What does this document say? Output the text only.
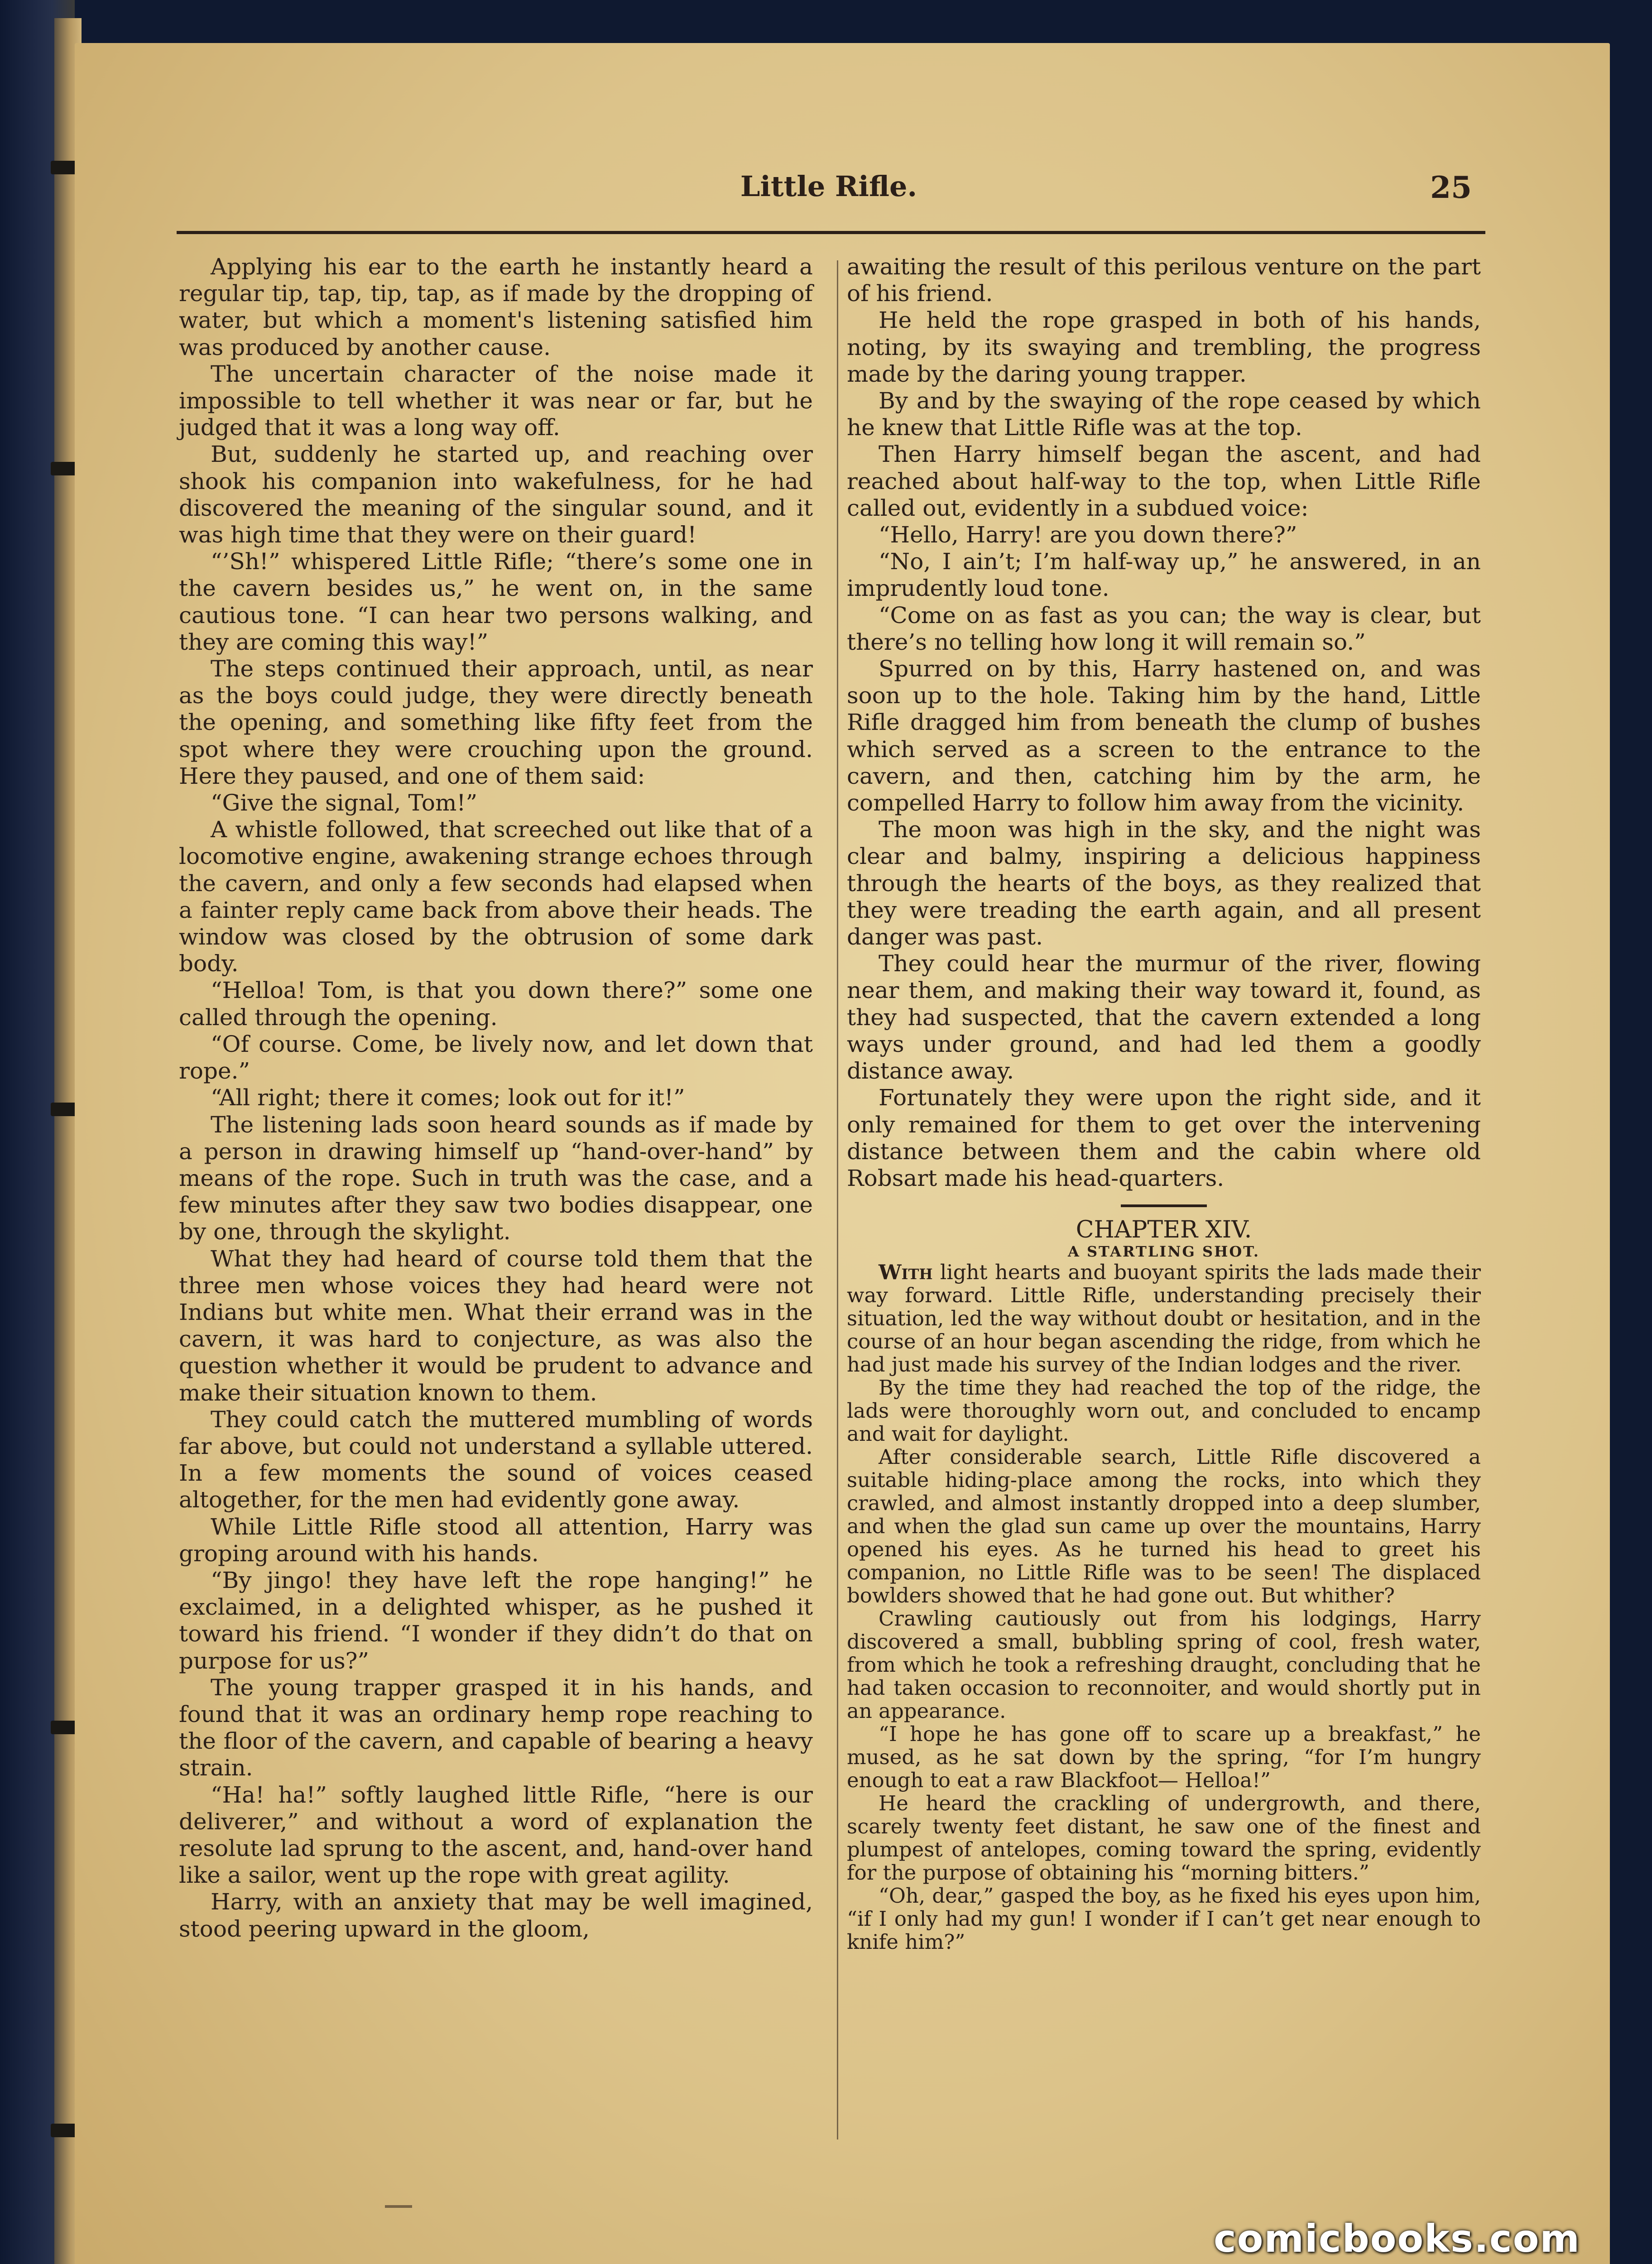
Little Rifle.	25

Applying his ear to the earth he instantly heard a regular tip, tap, tip, tap, as if made by the dropping of water, but which a moment's listening satisfied him was produced by another cause.

The uncertain character of the noise made it impossible to tell whether it was near or far, but he judged that it was a long way off.

But, suddenly he started up, and reaching over shook his companion into wakefulness, for he had discovered the meaning of the singular sound, and it was high time that they were on their guard!

“’Sh!” whispered Little Rifle; “there’s some one in the cavern besides us,” he went on, in the same cautious tone. “I can hear two persons walking, and they are coming this way!”

The steps continued their approach, until, as near as the boys could judge, they were directly beneath the opening, and something like fifty feet from the spot where they were crouching upon the ground. Here they paused, and one of them said:

“Give the signal, Tom!”

A whistle followed, that screeched out like that of a locomotive engine, awakening strange echoes through the cavern, and only a few seconds had elapsed when a fainter reply came back from above their heads. The window was closed by the obtrusion of some dark body.

“Helloa! Tom, is that you down there?” some one called through the opening.

“Of course. Come, be lively now, and let down that rope.”

“All right; there it comes; look out for it!”

The listening lads soon heard sounds as if made by a person in drawing himself up “hand-over-hand” by means of the rope. Such in truth was the case, and a few minutes after they saw two bodies disappear, one by one, through the skylight.

What they had heard of course told them that the three men whose voices they had heard were not Indians but white men. What their errand was in the cavern, it was hard to conjecture, as was also the question whether it would be prudent to advance and make their situation known to them.

They could catch the muttered mumbling of words far above, but could not understand a syllable uttered. In a few moments the sound of voices ceased altogether, for the men had evidently gone away.

While Little Rifle stood all attention, Harry was groping around with his hands.

“By jingo! they have left the rope hanging!” he exclaimed, in a delighted whisper, as he pushed it toward his friend. “I wonder if they didn’t do that on purpose for us?”

The young trapper grasped it in his hands, and found that it was an ordinary hemp rope reaching to the floor of the cavern, and capable of bearing a heavy strain.

“Ha! ha!” softly laughed little Rifle, “here is our deliverer,” and without a word of explanation the resolute lad sprung to the ascent, and, hand-over hand like a sailor, went up the rope with great agility.

Harry, with an anxiety that may be well imagined, stood peering upward in the gloom,

awaiting the result of this perilous venture on the part of his friend.

He held the rope grasped in both of his hands, noting, by its swaying and trembling, the progress made by the daring young trapper.

By and by the swaying of the rope ceased by which he knew that Little Rifle was at the top.

Then Harry himself began the ascent, and had reached about half-way to the top, when Little Rifle called out, evidently in a subdued voice:

“Hello, Harry! are you down there?”

“No, I ain’t; I’m half-way up,” he answered, in an imprudently loud tone.

“Come on as fast as you can; the way is clear, but there’s no telling how long it will remain so.”

Spurred on by this, Harry hastened on, and was soon up to the hole. Taking him by the hand, Little Rifle dragged him from beneath the clump of bushes which served as a screen to the entrance to the cavern, and then, catching him by the arm, he compelled Harry to follow him away from the vicinity.

The moon was high in the sky, and the night was clear and balmy, inspiring a delicious happiness through the hearts of the boys, as they realized that they were treading the earth again, and all present danger was past.

They could hear the murmur of the river, flowing near them, and making their way toward it, found, as they had suspected, that the cavern extended a long ways under ground, and had led them a goodly distance away.

Fortunately they were upon the right side, and it only remained for them to get over the intervening distance between them and the cabin where old Robsart made his head-quarters.

CHAPTER XIV.

A STARTLING SHOT.

With light hearts and buoyant spirits the lads made their way forward. Little Rifle, understanding precisely their situation, led the way without doubt or hesitation, and in the course of an hour began ascending the ridge, from which he had just made his survey of the Indian lodges and the river.

By the time they had reached the top of the ridge, the lads were thoroughly worn out, and concluded to encamp and wait for daylight.

After considerable search, Little Rifle discovered a suitable hiding-place among the rocks, into which they crawled, and almost instantly dropped into a deep slumber, and when the glad sun came up over the mountains, Harry opened his eyes. As he turned his head to greet his companion, no Little Rifle was to be seen! The displaced bowlders showed that he had gone out. But whither?

Crawling cautiously out from his lodgings, Harry discovered a small, bubbling spring of cool, fresh water, from which he took a refreshing draught, concluding that he had taken occasion to reconnoiter, and would shortly put in an appearance.

“I hope he has gone off to scare up a breakfast,” he mused, as he sat down by the spring, “for I’m hungry enough to eat a raw Blackfoot— Helloa!”

He heard the crackling of undergrowth, and there, scarely twenty feet distant, he saw one of the finest and plumpest of antelopes, coming toward the spring, evidently for the purpose of obtaining his “morning bitters.”

“Oh, dear,” gasped the boy, as he fixed his eyes upon him, “if I only had my gun! I wonder if I can’t get near enough to knife him?”

comicbooks.com
